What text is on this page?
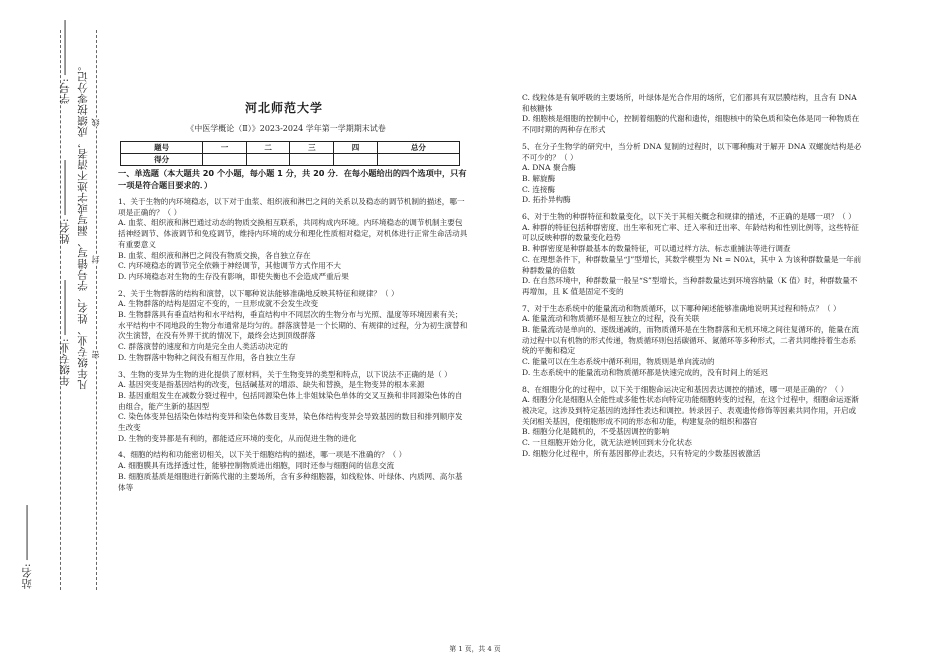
学号:
姓名:
年级专业: 凡年级专业、姓名、学号错写、漏写或字迹不清者，成绩按零分记。
站名:
封
密
线
河北师范大学
《中医学概论（Ⅱ）》2023-2024 学年第一学期期末试卷
题号	一	二	三	四	总分
得分					

一、单选题（本大题共 20 个小题，每小题 1 分，共 20 分．在每小题给出的四个选项中，只有一项是符合题目要求的．）

1、关于生物的内环境稳态，以下对于血浆、组织液和淋巴之间的关系以及稳态的调节机制的描述，哪一项是正确的？（ ）

A. 血浆、组织液和淋巴通过动态的物质交换相互联系，共同构成内环境。内环境稳态的调节机制主要包括神经调节、体液调节和免疫调节，维持内环境的成分和理化性质相对稳定，对机体进行正常生命活动具有重要意义

B. 血浆、组织液和淋巴之间没有物质交换，各自独立存在

C. 内环境稳态的调节完全依赖于神经调节，其他调节方式作用不大

D. 内环境稳态对生物的生存没有影响，即使失衡也不会造成严重后果

2、关于生物群落的结构和演替，以下哪种说法能够准确地反映其特征和规律？（ ）

A. 生物群落的结构是固定不变的，一旦形成就不会发生改变

B. 生物群落具有垂直结构和水平结构，垂直结构中不同层次的生物分布与光照、温度等环境因素有关；水平结构中不同地段的生物分布通常是均匀的。群落演替是一个长期的、有规律的过程，分为初生演替和次生演替，在没有外界干扰的情况下，最终会达到顶级群落

C. 群落演替的速度和方向是完全由人类活动决定的

D. 生物群落中物种之间没有相互作用，各自独立生存

3、生物的变异为生物的进化提供了原材料，关于生物变异的类型和特点，以下说法不正确的是（ ）

A. 基因突变是指基因结构的改变，包括碱基对的增添、缺失和替换，是生物变异的根本来源

B. 基因重组发生在减数分裂过程中，包括同源染色体上非姐妹染色单体的交叉互换和非同源染色体的自由组合，能产生新的基因型

C. 染色体变异包括染色体结构变异和染色体数目变异，染色体结构变异会导致基因的数目和排列顺序发生改变

D. 生物的变异都是有利的，都能适应环境的变化，从而促进生物的进化

4、细胞的结构和功能密切相关，以下关于细胞结构的描述，哪一项是不准确的？（ ）

A. 细胞膜具有选择透过性，能够控制物质进出细胞，同时还参与细胞间的信息交流

B. 细胞质基质是细胞进行新陈代谢的主要场所，含有多种细胞器，如线粒体、叶绿体、内质网、高尔基体等

C. 线粒体是有氧呼吸的主要场所，叶绿体是光合作用的场所，它们都具有双层膜结构，且含有 DNA 和核糖体

D. 细胞核是细胞的控制中心，控制着细胞的代谢和遗传，细胞核中的染色质和染色体是同一种物质在不同时期的两种存在形式

5、在分子生物学的研究中，当分析 DNA 复制的过程时，以下哪种酶对于解开 DNA 双螺旋结构是必不可少的？（ ）

A. DNA 聚合酶

B. 解旋酶

C. 连接酶

D. 拓扑异构酶

6、对于生物的种群特征和数量变化，以下关于其相关概念和规律的描述，不正确的是哪一项？（ ）

A. 种群的特征包括种群密度、出生率和死亡率、迁入率和迁出率、年龄结构和性别比例等，这些特征可以反映种群的数量变化趋势

B. 种群密度是种群最基本的数量特征，可以通过样方法、标志重捕法等进行调查

C. 在理想条件下，种群数量呈“J”型增长，其数学模型为 Nt = N0λt，其中 λ 为该种群数量是一年前种群数量的倍数

D. 在自然环境中，种群数量一般呈“S”型增长，当种群数量达到环境容纳量（K 值）时，种群数量不再增加，且 K 值是固定不变的

7、对于生态系统中的能量流动和物质循环，以下哪种阐述能够准确地说明其过程和特点？（ ）

A. 能量流动和物质循环是相互独立的过程，没有关联

B. 能量流动是单向的、逐级递减的，而物质循环是在生物群落和无机环境之间往复循环的，能量在流动过程中以有机物的形式传递，物质循环则包括碳循环、氮循环等多种形式，二者共同维持着生态系统的平衡和稳定

C. 能量可以在生态系统中循环利用，物质则是单向流动的

D. 生态系统中的能量流动和物质循环都是快速完成的，没有时间上的延迟

8、在细胞分化的过程中，以下关于细胞命运决定和基因表达调控的描述，哪一项是正确的？（ ）

A. 细胞分化是细胞从全能性或多能性状态向特定功能细胞转变的过程，在这个过程中，细胞命运逐渐被决定，这涉及到特定基因的选择性表达和调控。转录因子、表观遗传修饰等因素共同作用，开启或关闭相关基因，使细胞形成不同的形态和功能，构建复杂的组织和器官

B. 细胞分化是随机的，不受基因调控的影响

C. 一旦细胞开始分化，就无法逆转回到未分化状态

D. 细胞分化过程中，所有基因都停止表达，只有特定的少数基因被激活

第 1 页，共 4 页
